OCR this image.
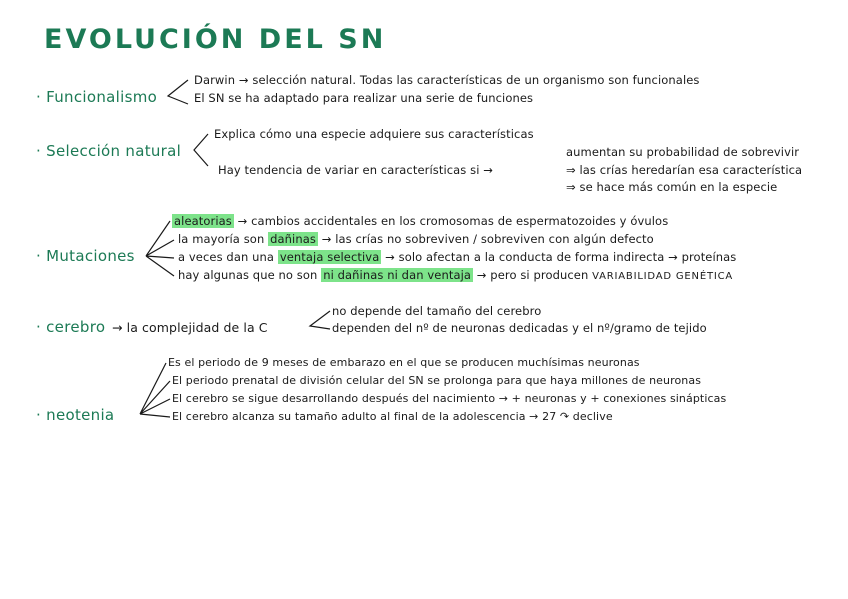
EVOLUCIÓN DEL SN
· Funcionalismo
Darwin → selección natural. Todas las características de un organismo son funcionales
El SN se ha adaptado para realizar una serie de funciones
· Selección natural
Explica cómo una especie adquiere sus características
Hay tendencia de variar en características si →
aumentan su probabilidad de sobrevivir
⇒ las crías heredarían esa característica
⇒ se hace más común en la especie
· Mutaciones
aleatorias → cambios accidentales en los cromosomas de espermatozoides y óvulos
la mayoría son dañinas → las crías no sobreviven / sobreviven con algún defecto
a veces dan una ventaja selectiva → solo afectan a la conducta de forma indirecta → proteínas
hay algunas que no son ni dañinas ni dan ventaja → pero si producen VARIABILIDAD GENÉTICA
· cerebro → la complejidad de la C
no depende del tamaño del cerebro
dependen del nº de neuronas dedicadas y el nº/gramo de tejido
· neotenia
Es el periodo de 9 meses de embarazo en el que se producen muchísimas neuronas
El periodo prenatal de división celular del SN se prolonga para que haya millones de neuronas
El cerebro se sigue desarrollando después del nacimiento → + neuronas y + conexiones sinápticas
El cerebro alcanza su tamaño adulto al final de la adolescencia → 27 ↷ declive
